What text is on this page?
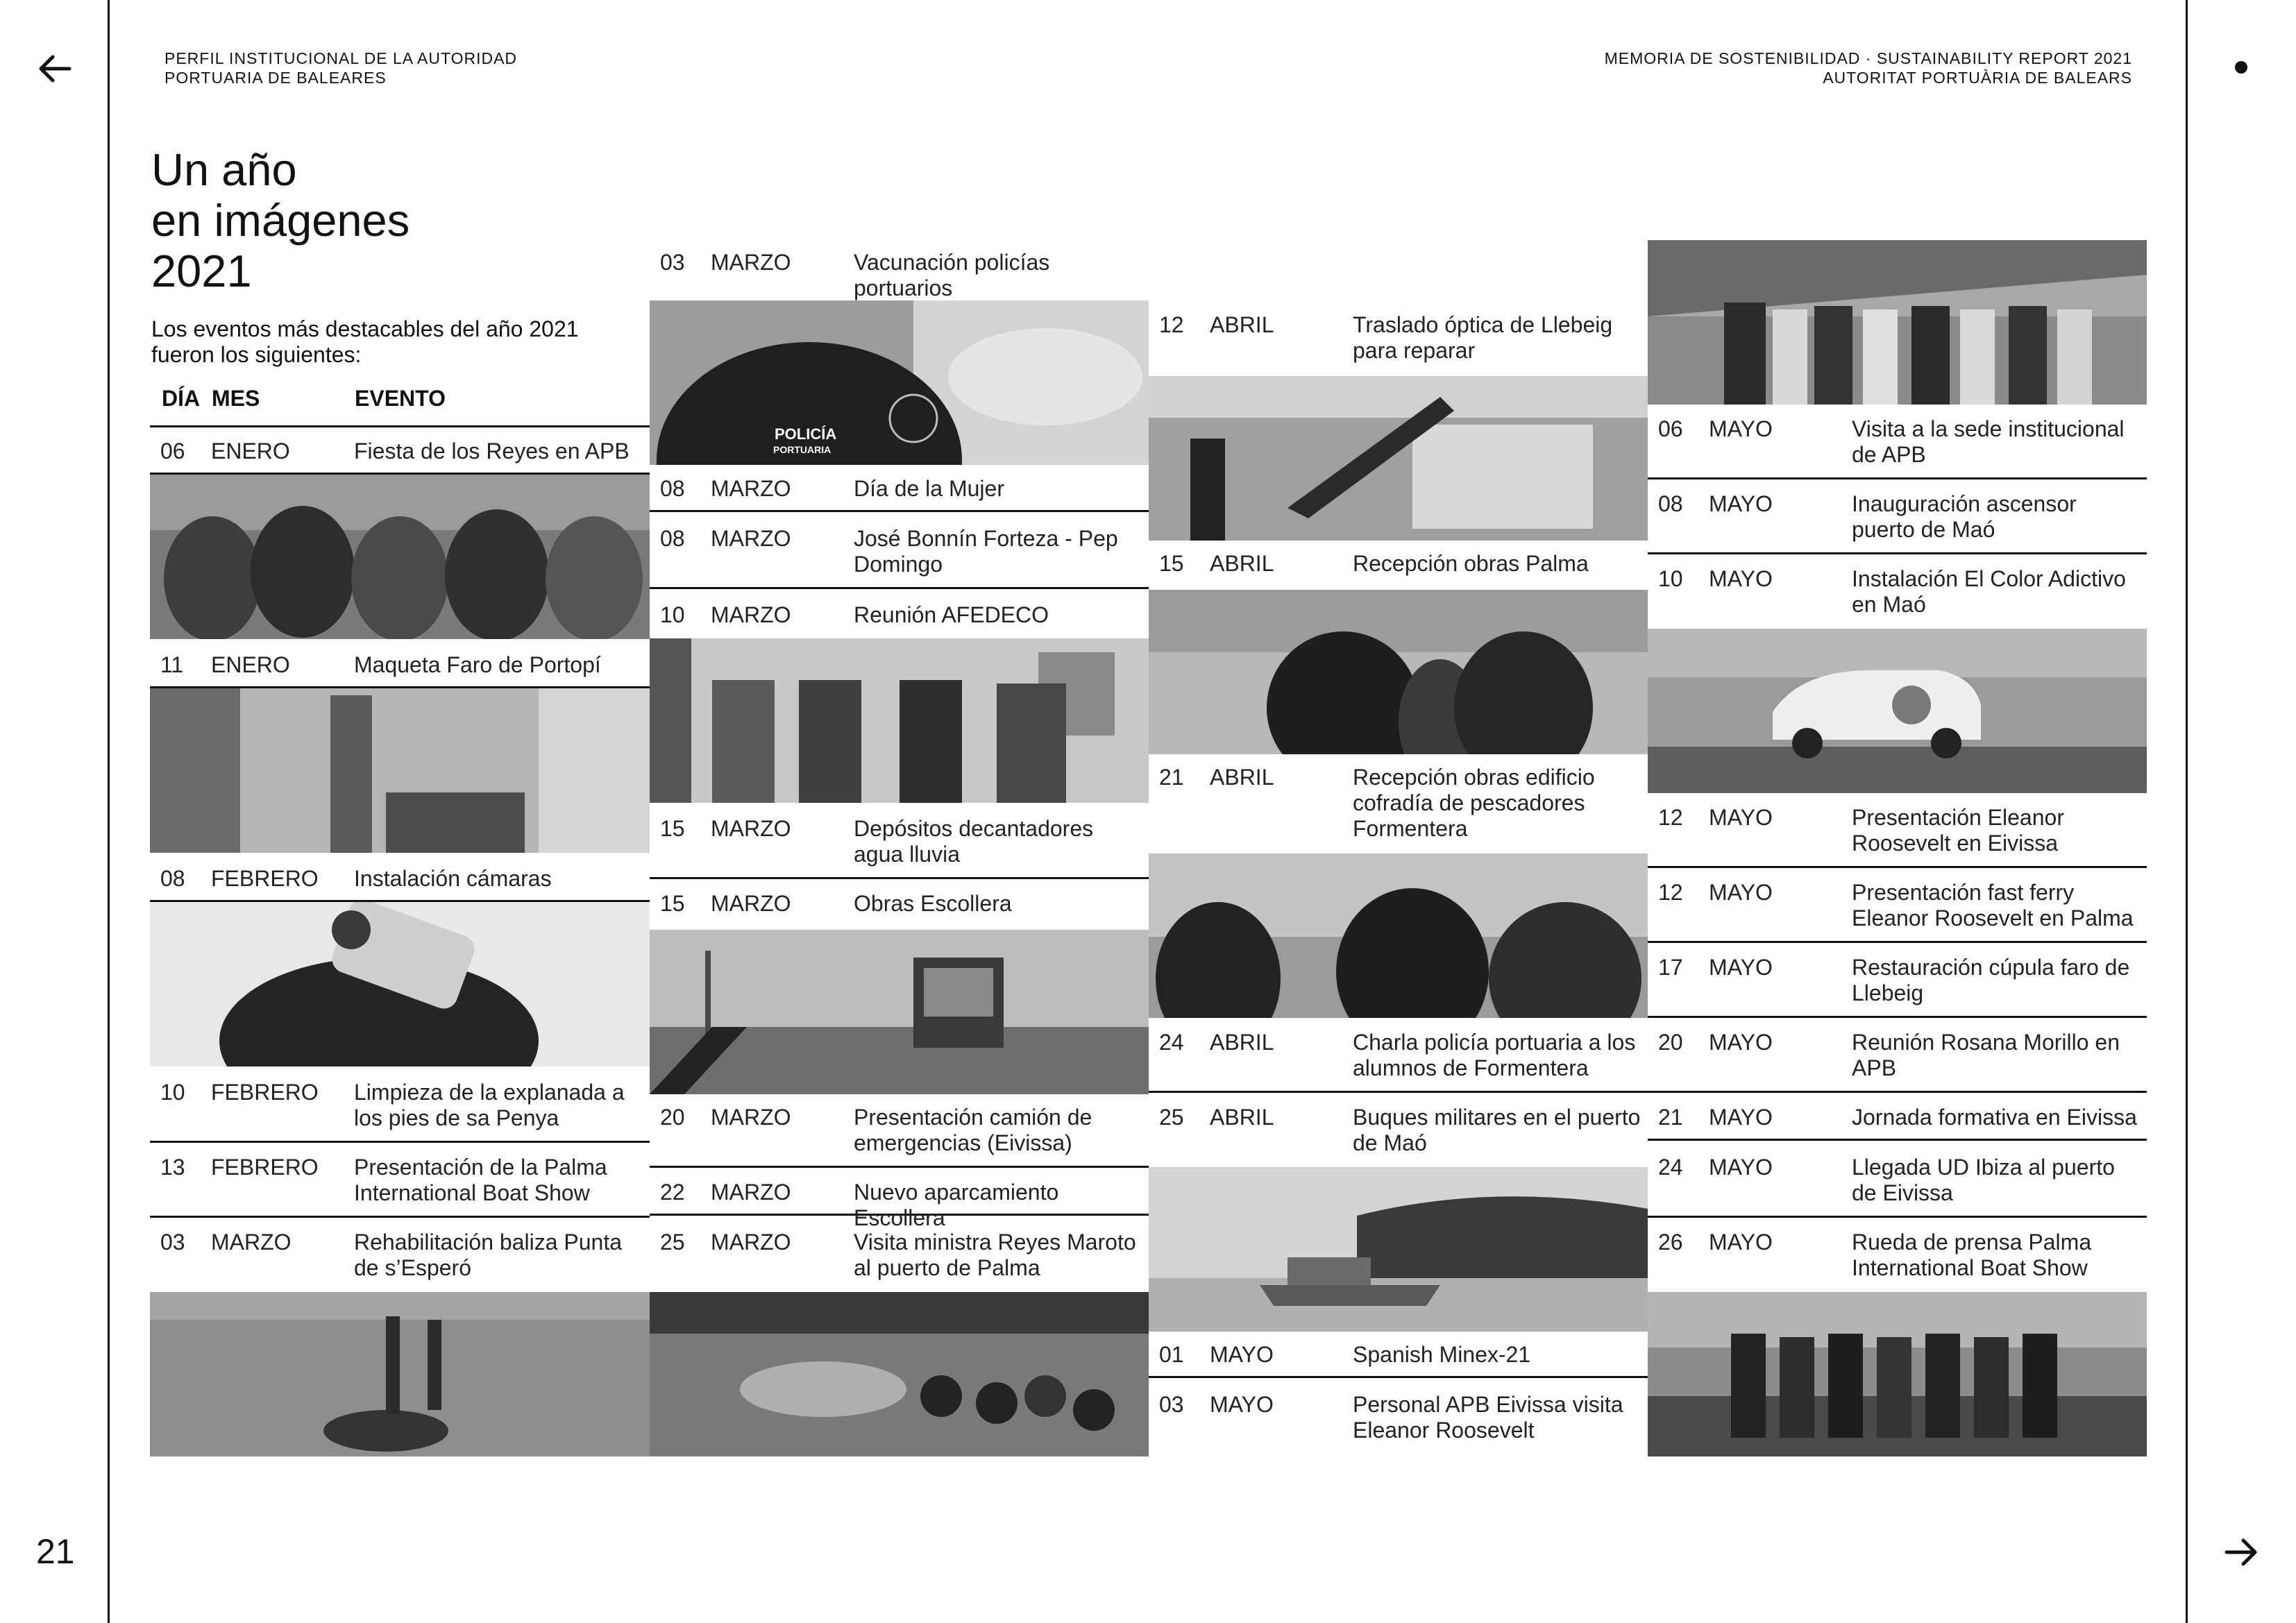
21
PERFIL INSTITUCIONAL DE LA AUTORIDAD
PORTUARIA DE BALEARES
MEMORIA DE SOSTENIBILIDAD · SUSTAINABILITY REPORT 2021
AUTORITAT PORTUÀRIA DE BALEARS
Un año
en imágenes
2021
Los eventos más destacables del año 2021 fueron los siguientes:
DÍA MES	EVENTO
06 ENERO	Fiesta de los Reyes en APB
11 ENERO	Maqueta Faro de Portopí
08 FEBRERO Instalación cámaras
10 FEBRERO Limpieza de la explanada a los pies de sa Penya
13 FEBRERO Presentación de la Palma International Boat Show
03 MARZO	Rehabilitación baliza Punta de s’Esperó
03 MARZO	Vacunación policías portuarios
POLICÍA
PORTUARIA
08 MARZO	Día de la Mujer
08 MARZO	José Bonnín Forteza - Pep Domingo
10 MARZO	Reunión AFEDECO
15 MARZO	Depósitos decantadores agua lluvia
15 MARZO	Obras Escollera
20 MARZO	Presentación camión de emergencias (Eivissa)
22 MARZO	Nuevo aparcamiento Escollera
25 MARZO	Visita ministra Reyes Maroto al puerto de Palma
12 ABRIL	Traslado óptica de Llebeig para reparar
15 ABRIL	Recepción obras Palma
21 ABRIL	Recepción obras edificio cofradía de pescadores Formentera
24 ABRIL	Charla policía portuaria a los alumnos de Formentera
25 ABRIL	Buques militares en el puerto de Maó
01 MAYO	Spanish Minex-21
03 MAYO	Personal APB Eivissa visita Eleanor Roosevelt
06 MAYO	Visita a la sede institucional de APB
08 MAYO	Inauguración ascensor puerto de Maó
10 MAYO	Instalación El Color Adictivo en Maó
12 MAYO	Presentación Eleanor Roosevelt en Eivissa
12 MAYO	Presentación fast ferry Eleanor Roosevelt en Palma
17 MAYO	Restauración cúpula faro de Llebeig
20 MAYO	Reunión Rosana Morillo en APB
21 MAYO	Jornada formativa en Eivissa
24 MAYO	Llegada UD Ibiza al puerto de Eivissa
26 MAYO	Rueda de prensa Palma International Boat Show
